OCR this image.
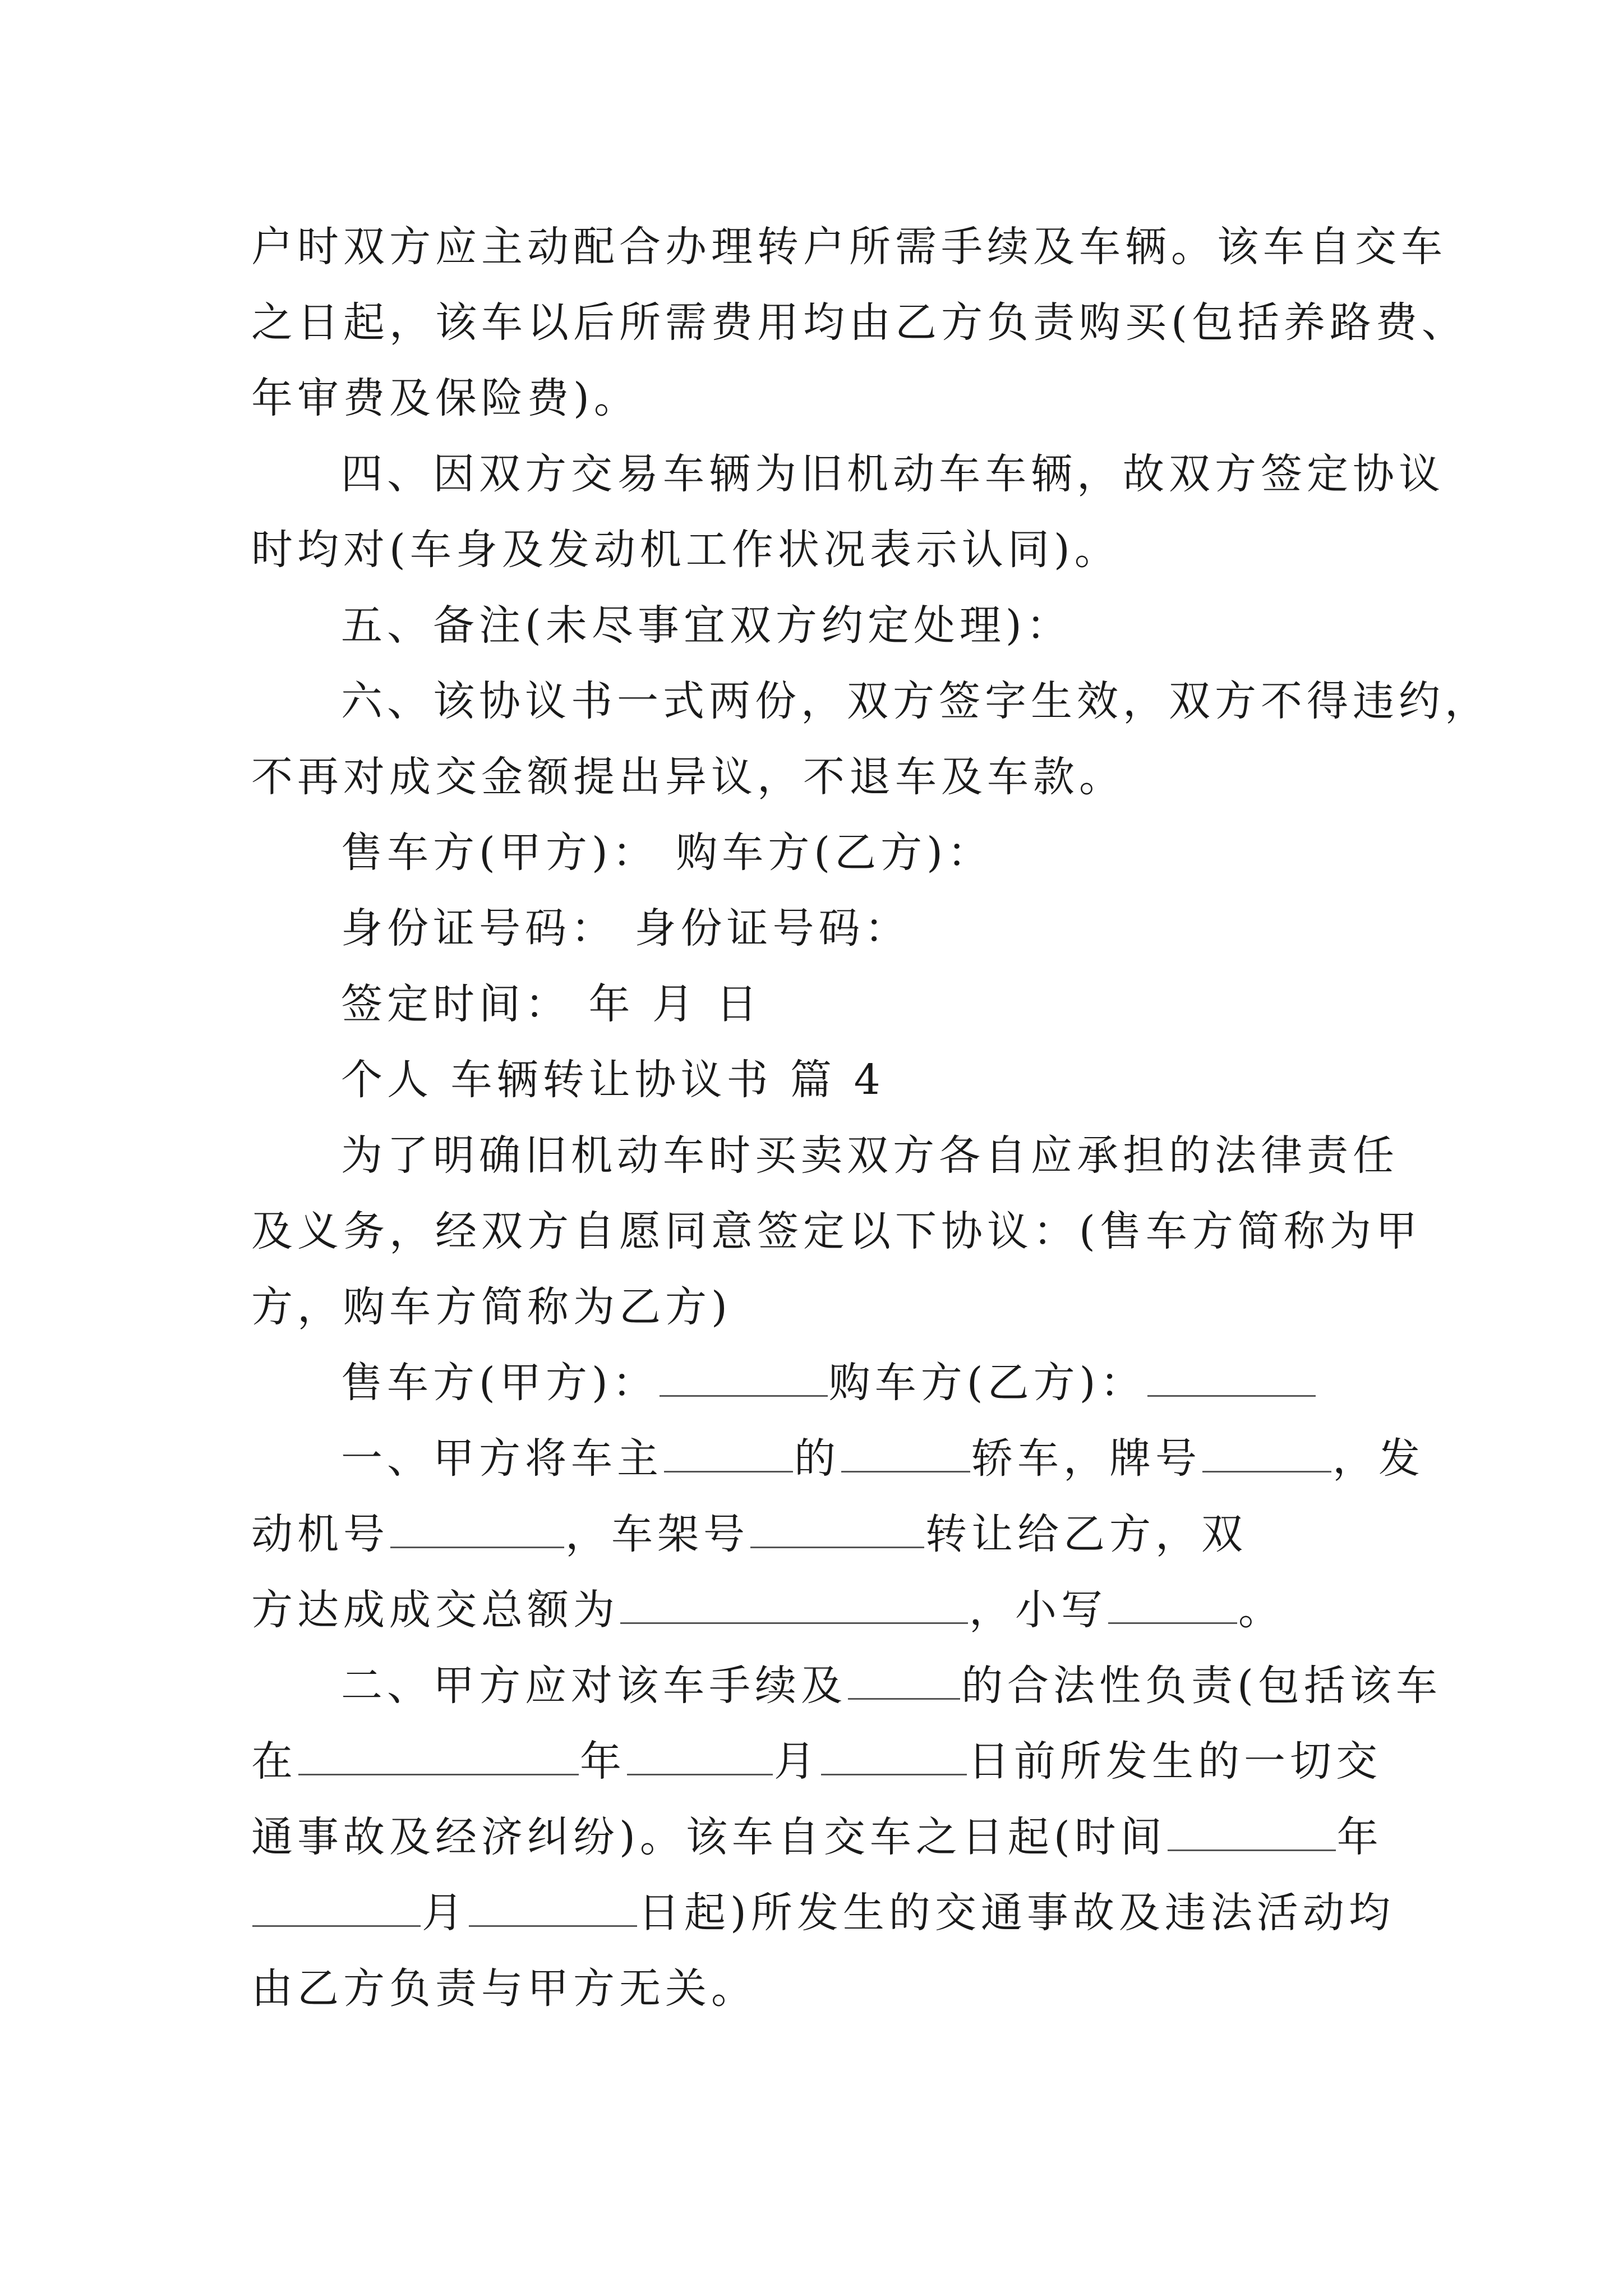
户时双方应主动配合办理转户所需手续及车辆。该车自交车
之日起，该车以后所需费用均由乙方负责购买(包括养路费、
年审费及保险费)。
四、因双方交易车辆为旧机动车车辆，故双方签定协议
时均对(车身及发动机工作状况表示认同)。
五、备注(未尽事宜双方约定处理)：
六、该协议书一式两份，双方签字生效，双方不得违约，
不再对成交金额提出异议，不退车及车款。
售车方(甲方)： 购车方(乙方)：
身份证号码： 身份证号码：
签定时间： 年 月 日
个人 车辆转让协议书 篇 4
为了明确旧机动车时买卖双方各自应承担的法律责任
及义务，经双方自愿同意签定以下协议：(售车方简称为甲
方，购车方简称为乙方)
售车方(甲方)：	购车方(乙方)：
一、甲方将车主	的	轿车，牌号	，发
动机号	，车架号	转让给乙方，双
方达成成交总额为	，小写	。
二、甲方应对该车手续及	的合法性负责(包括该车
在	年	月	日前所发生的一切交
通事故及经济纠纷)。该车自交车之日起(时间	年
月	日起)所发生的交通事故及违法活动均
由乙方负责与甲方无关。
